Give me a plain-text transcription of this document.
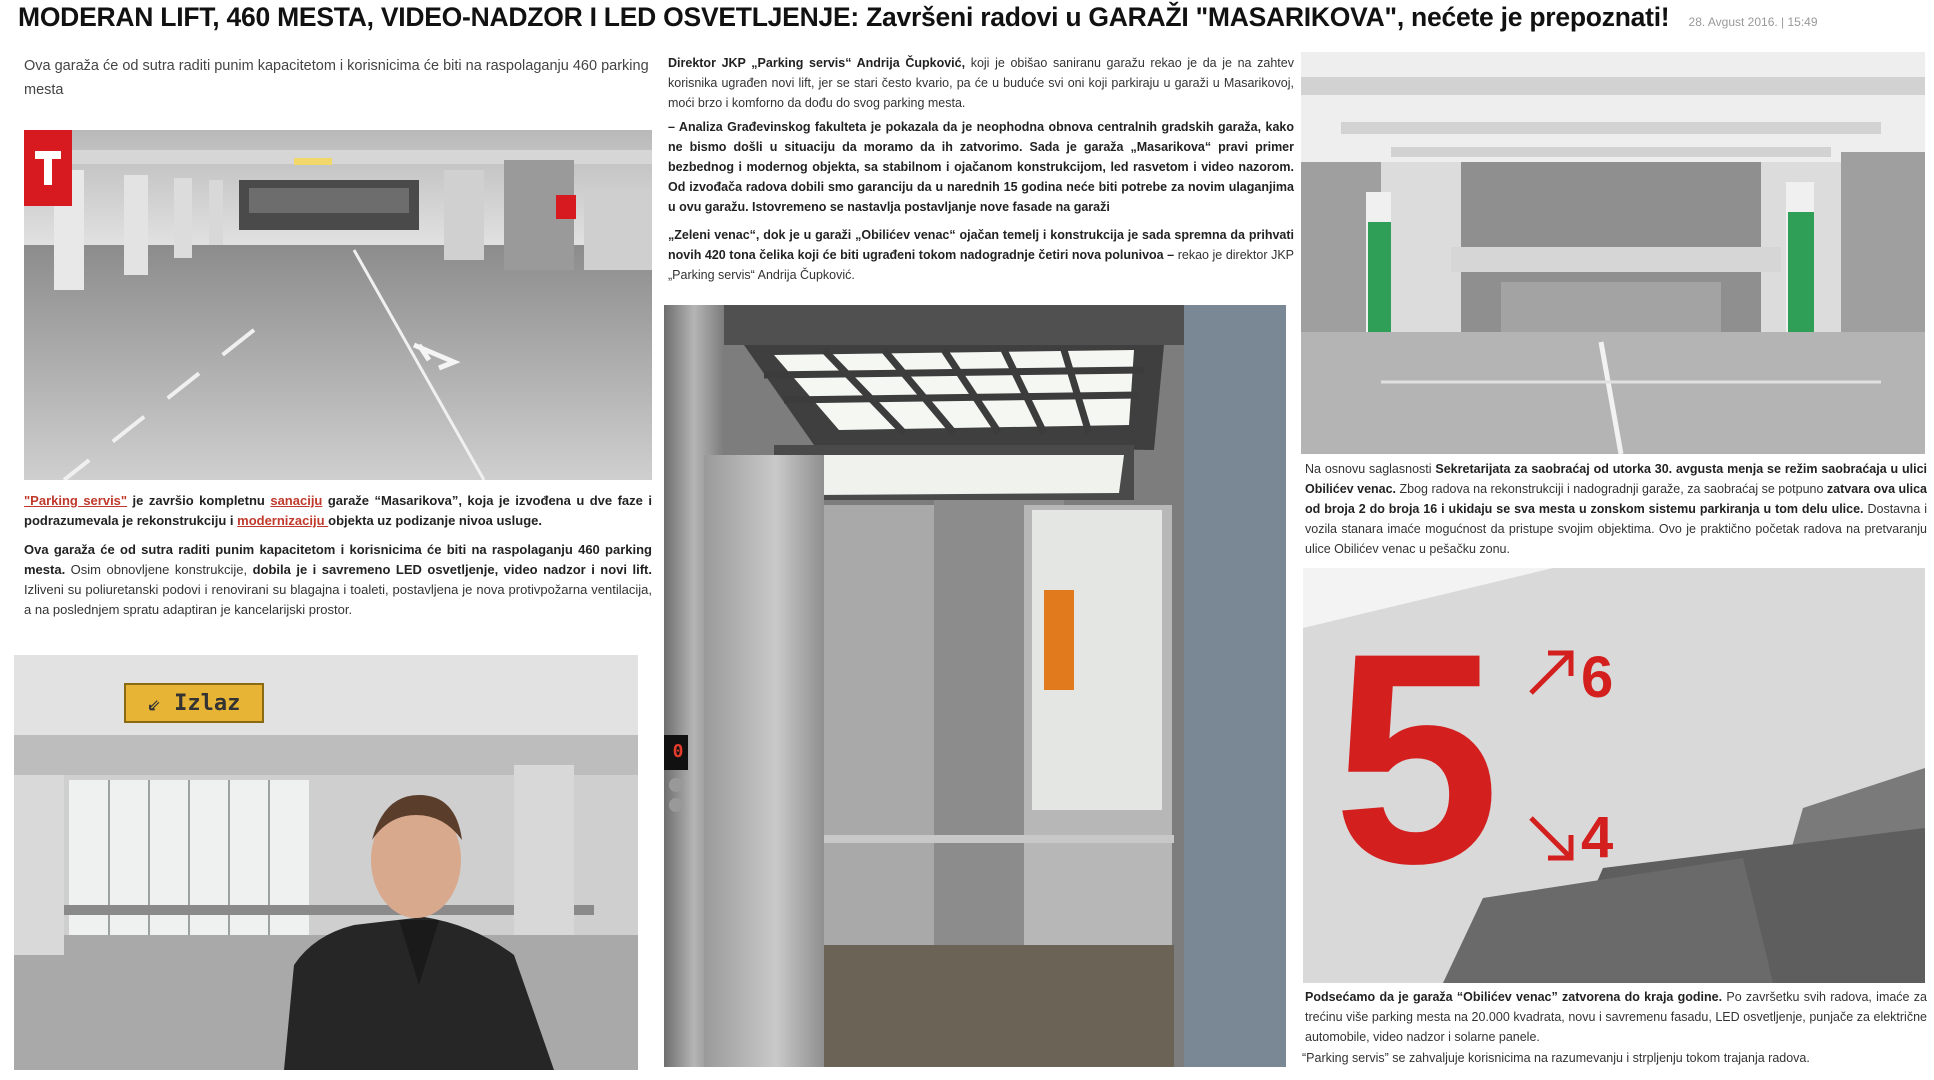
MODERAN LIFT, 460 MESTA, VIDEO-NADZOR I LED OSVETLJENJE: Završeni radovi u GARAŽI "MASARIKOVA", nećete je prepoznati! 28. Avgust 2016. | 15:49
Ova garaža će od sutra raditi punim kapacitetom i korisnicima će biti na raspolaganju 460 parking mesta
"Parking servis" je završio kompletnu sanaciju garaže “Masarikova”, koja je izvođena u dve faze i podrazumevala je rekonstrukciju i modernizaciju objekta uz podizanje nivoa usluge.
Ova garaža će od sutra raditi punim kapacitetom i korisnicima će biti na raspolaganju 460 parking mesta. Osim obnovljene konstrukcije, dobila je i savremeno LED osvetljenje, video nadzor i novi lift. Izliveni su poliuretanski podovi i renovirani su blagajna i toaleti, postavljena je nova protivpožarna ventilacija, a na poslednjem spratu adaptiran je kancelarijski prostor.
⇙ Izlaz
Direktor JKP „Parking servis“ Andrija Čupković, koji je obišao saniranu garažu rekao je da je na zahtev korisnika ugrađen novi lift, jer se stari često kvario, pa će u buduće svi oni koji parkiraju u garaži u Masarikovoj, moći brzo i komforno da dođu do svog parking mesta.
– Analiza Građevinskog fakulteta je pokazala da je neophodna obnova centralnih gradskih garaža, kako ne bismo došli u situaciju da moramo da ih zatvorimo. Sada je garaža „Masarikova“ pravi primer bezbednog i modernog objekta, sa stabilnom i ojačanom konstrukcijom, led rasvetom i video nazorom. Od izvođača radova dobili smo garanciju da u narednih 15 godina neće biti potrebe za novim ulaganjima u ovu garažu. Istovremeno se nastavlja postavljanje nove fasade na garaži
„Zeleni venac“, dok je u garaži „Obilićev venac“ ojačan temelj i konstrukcija je sada spremna da prihvati novih 420 tona čelika koji će biti ugrađeni tokom nadogradnje četiri nova polunivoa – rekao je direktor JKP „Parking servis“ Andrija Čupković.
0
Na osnovu saglasnosti Sekretarijata za saobraćaj od utorka 30. avgusta menja se režim saobraćaja u ulici Obilićev venac. Zbog radova na rekonstrukciji i nadogradnji garaže, za saobraćaj se potpuno zatvara ova ulica od broja 2 do broja 16 i ukidaju se sva mesta u zonskom sistemu parkiranja u tom delu ulice. Dostavna i vozila stanara imaće mogućnost da pristupe svojim objektima. Ovo je praktično početak radova na pretvaranju ulice Obilićev venac u pešačku zonu.
5 6
4
Podsećamo da je garaža “Obilićev venac” zatvorena do kraja godine. Po završetku svih radova, imaće za trećinu više parking mesta na 20.000 kvadrata, novu i savremenu fasadu, LED osvetljenje, punjače za električne automobile, video nadzor i solarne panele.
“Parking servis” se zahvaljuje korisnicima na razumevanju i strpljenju tokom trajanja radova.
